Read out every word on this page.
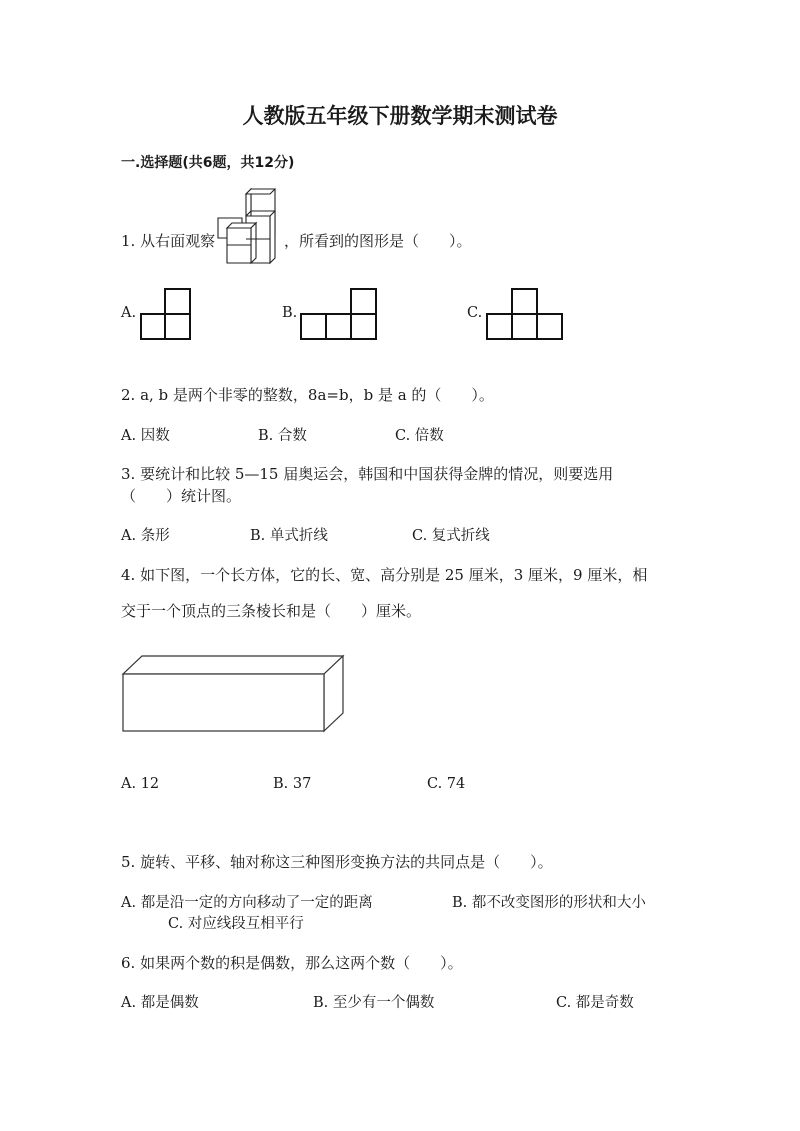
人教版五年级下册数学期末测试卷
一.选择题(共6题，共12分)
1. 从右面观察	，所看到的图形是（　　）。
A.	B.	C.
2. a, b 是两个非零的整数，8a=b，b 是 a 的（　　）。
A. 因数	B. 合数	C. 倍数
3. 要统计和比较 5—15 届奥运会，韩国和中国获得金牌的情况，则要选用
（　　）统计图。
A. 条形	B. 单式折线	C. 复式折线
4. 如下图，一个长方体，它的长、宽、高分别是 25 厘米，3 厘米，9 厘米，相
交于一个顶点的三条棱长和是（　　）厘米。
A. 12	B. 37	C. 74
5. 旋转、平移、轴对称这三种图形变换方法的共同点是（　　）。
A. 都是沿一定的方向移动了一定的距离	B. 都不改变图形的形状和大小
C. 对应线段互相平行
6. 如果两个数的积是偶数，那么这两个数（　　）。
A. 都是偶数	B. 至少有一个偶数	C. 都是奇数
